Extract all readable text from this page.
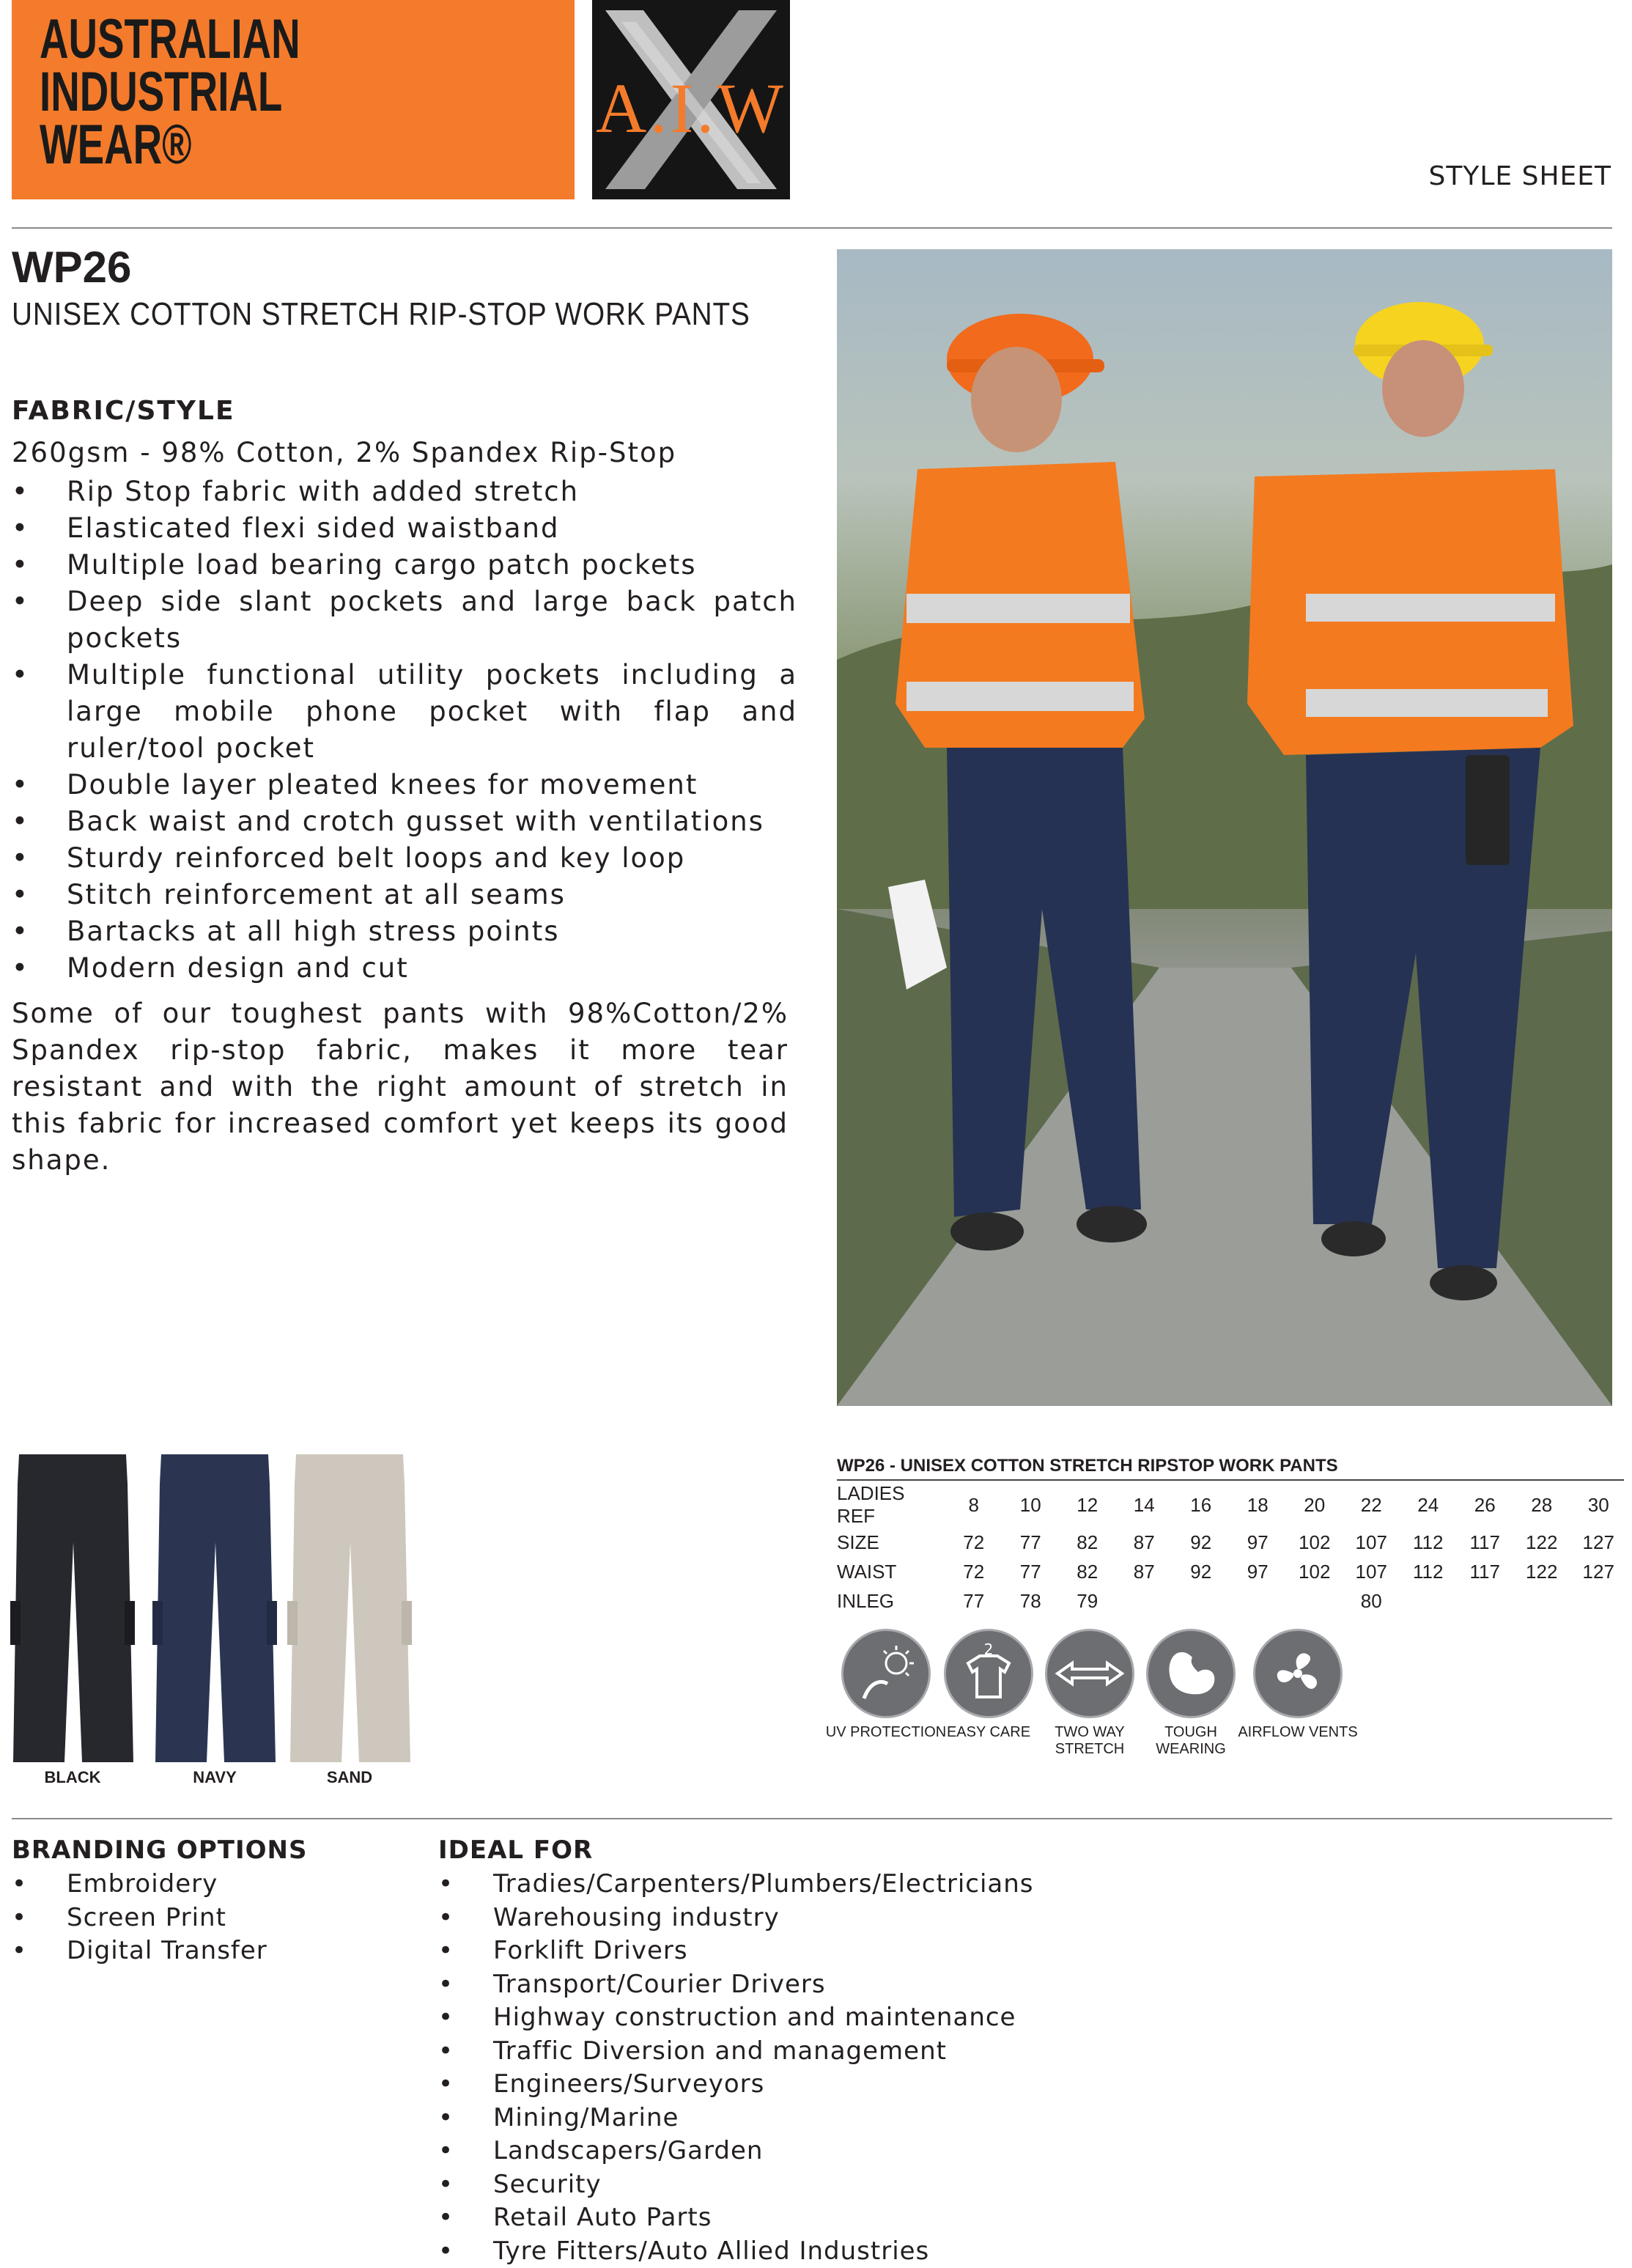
AUSTRALIAN
INDUSTRIAL
WEAR®	A.I.W
STYLE SHEET
WP26
UNISEX COTTON STRETCH RIP-STOP WORK PANTS
FABRIC/STYLE
260gsm - 98% Cotton, 2% Spandex Rip-Stop
• Rip Stop fabric with added stretch
• Elasticated flexi sided waistband
• Multiple load bearing cargo patch pockets
• Deep side slant pockets and large back patch pockets
• Multiple functional utility pockets including a large mobile phone pocket with flap and ruler/tool pocket
• Double layer pleated knees for movement
• Back waist and crotch gusset with ventilations
• Sturdy reinforced belt loops and key loop
• Stitch reinforcement at all seams
• Bartacks at all high stress points
• Modern design and cut
Some of our toughest pants with 98%Cotton/2% Spandex rip-stop fabric, makes it more tear resistant and with the right amount of stretch in this fabric for increased comfort yet keeps its good shape.
BLACK	NAVY	SAND
WP26 - UNISEX COTTON STRETCH RIPSTOP WORK PANTS
LADIES REF	8	10	12	14	16	18	20	22	24	26	28	30
SIZE	72	77	82	87	92	97	102	107	112	117	122	127
WAIST	72	77	82	87	92	97	102	107	112	117	122	127
INLEG	77	78	79					80				
UV PROTECTION
2
EASY CARE	TWO WAY STRETCH
TOUGH WEARING
AIRFLOW VENTS
BRANDING OPTIONS
• Embroidery
• Screen Print
• Digital Transfer
IDEAL FOR
• Tradies/Carpenters/Plumbers/Electricians
• Warehousing industry
• Forklift Drivers
• Transport/Courier Drivers
• Highway construction and maintenance
• Traffic Diversion and management
• Engineers/Surveyors
• Mining/Marine
• Landscapers/Garden
• Security
• Retail Auto Parts
• Tyre Fitters/Auto Allied Industries
